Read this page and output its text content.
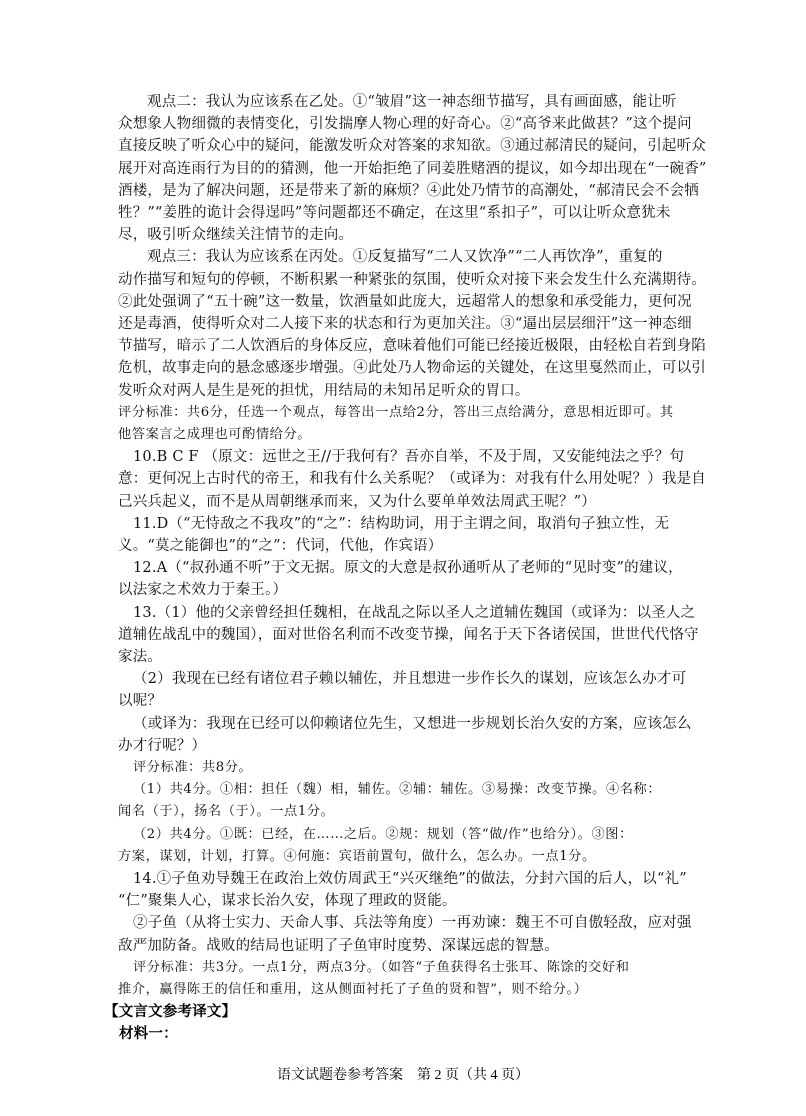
观点二：我认为应该系在乙处。①“皱眉”这一神态细节描写，具有画面感，能让听
众想象人物细微的表情变化，引发揣摩人物心理的好奇心。②“高爷来此做甚？”这个提问
直接反映了听众心中的疑问，能激发听众对答案的求知欲。③通过郝清民的疑问，引起听众
展开对高连雨行为目的的猜测，他一开始拒绝了同姜胜赌酒的提议，如今却出现在“一碗香”
酒楼，是为了解决问题，还是带来了新的麻烦？④此处乃情节的高潮处，“郝清民会不会牺
牲？”“姜胜的诡计会得逞吗”等问题都还不确定，在这里“系扣子”，可以让听众意犹未
尽，吸引听众继续关注情节的走向。
观点三：我认为应该系在丙处。①反复描写“二人又饮净”“二人再饮净”，重复的
动作描写和短句的停顿，不断积累一种紧张的氛围，使听众对接下来会发生什么充满期待。
②此处强调了“五十碗”这一数量，饮酒量如此庞大，远超常人的想象和承受能力，更何况
还是毒酒，使得听众对二人接下来的状态和行为更加关注。③“逼出层层细汗”这一神态细
节描写，暗示了二人饮酒后的身体反应，意味着他们可能已经接近极限，由轻松自若到身陷
危机，故事走向的悬念感逐步增强。④此处乃人物命运的关键处，在这里戛然而止，可以引
发听众对两人是生是死的担忧，用结局的未知吊足听众的胃口。
评分标准：共6分，任选一个观点，每答出一点给2分，答出三点给满分，意思相近即可。其
他答案言之成理也可酌情给分。
10.B C F （原文：远世之王//于我何有？吾亦自举，不及于周，又安能纯法之乎？句
意：更何况上古时代的帝王，和我有什么关系呢？（或译为：对我有什么用处呢？）我是自
己兴兵起义，而不是从周朝继承而来，又为什么要单单效法周武王呢？”）
11.D（“无恃敌之不我攻”的“之”：结构助词，用于主谓之间，取消句子独立性，无
义。“莫之能御也”的“之”：代词，代他，作宾语）
12.A（“叔孙通不听”于文无据。原文的大意是叔孙通听从了老师的“见时变”的建议，
以法家之术效力于秦王。）
13.（1）他的父亲曾经担任魏相，在战乱之际以圣人之道辅佐魏国（或译为：以圣人之
道辅佐战乱中的魏国），面对世俗名利而不改变节操，闻名于天下各诸侯国，世世代代恪守
家法。
（2）我现在已经有诸位君子赖以辅佐，并且想进一步作长久的谋划，应该怎么办才可
以呢？
（或译为：我现在已经可以仰赖诸位先生，又想进一步规划长治久安的方案，应该怎么
办才行呢？）
评分标准：共8分。
（1）共4分。①相：担任（魏）相，辅佐。②辅：辅佐。③易操：改变节操。④名称：
闻名（于），扬名（于）。一点1分。
（2）共4分。①既：已经，在……之后。②规：规划（答“做/作”也给分）。③图：
方案，谋划，计划，打算。④何施：宾语前置句，做什么，怎么办。一点1分。
14.①子鱼劝导魏王在政治上效仿周武王“兴灭继绝”的做法，分封六国的后人，以“礼”
“仁”聚集人心，谋求长治久安，体现了理政的贤能。
②子鱼（从将士实力、天命人事、兵法等角度）一再劝谏：魏王不可自傲轻敌，应对强
敌严加防备。战败的结局也证明了子鱼审时度势、深谋远虑的智慧。
评分标准：共3分。一点1分，两点3分。（如答“子鱼获得名士张耳、陈馀的交好和
推介，赢得陈王的信任和重用，这从侧面衬托了子鱼的贤和智”，则不给分。）
【文言文参考译文】
材料一：
语文试题卷参考答案　第 2 页（共 4 页）
